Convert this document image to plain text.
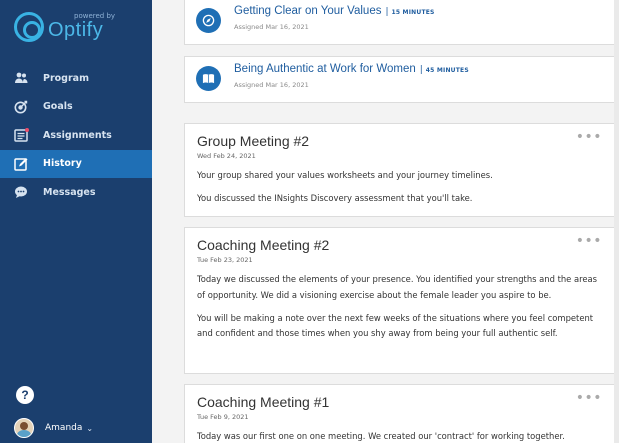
powered by
Optify
Program
Goals
Assignments
History
Messages
?
Amanda ⌄
Getting Clear on Your Values | 15 MINUTES
Assigned Mar 16, 2021
Being Authentic at Work for Women | 45 MINUTES
Assigned Mar 16, 2021
Group Meeting #2
Wed Feb 24, 2021
•••

Your group shared your values worksheets and your journey timelines.

You discussed the INsights Discovery assessment that you'll take.

Coaching Meeting #2
Tue Feb 23, 2021
•••

Today we discussed the elements of your presence. You identified your strengths and the areas of opportunity. We did a visioning exercise about the female leader you aspire to be.

You will be making a note over the next few weeks of the situations where you feel competent and confident and those times when you shy away from being your full authentic self.

Coaching Meeting #1
Tue Feb 9, 2021
•••

Today was our first one on one meeting. We created our 'contract' for working together.
